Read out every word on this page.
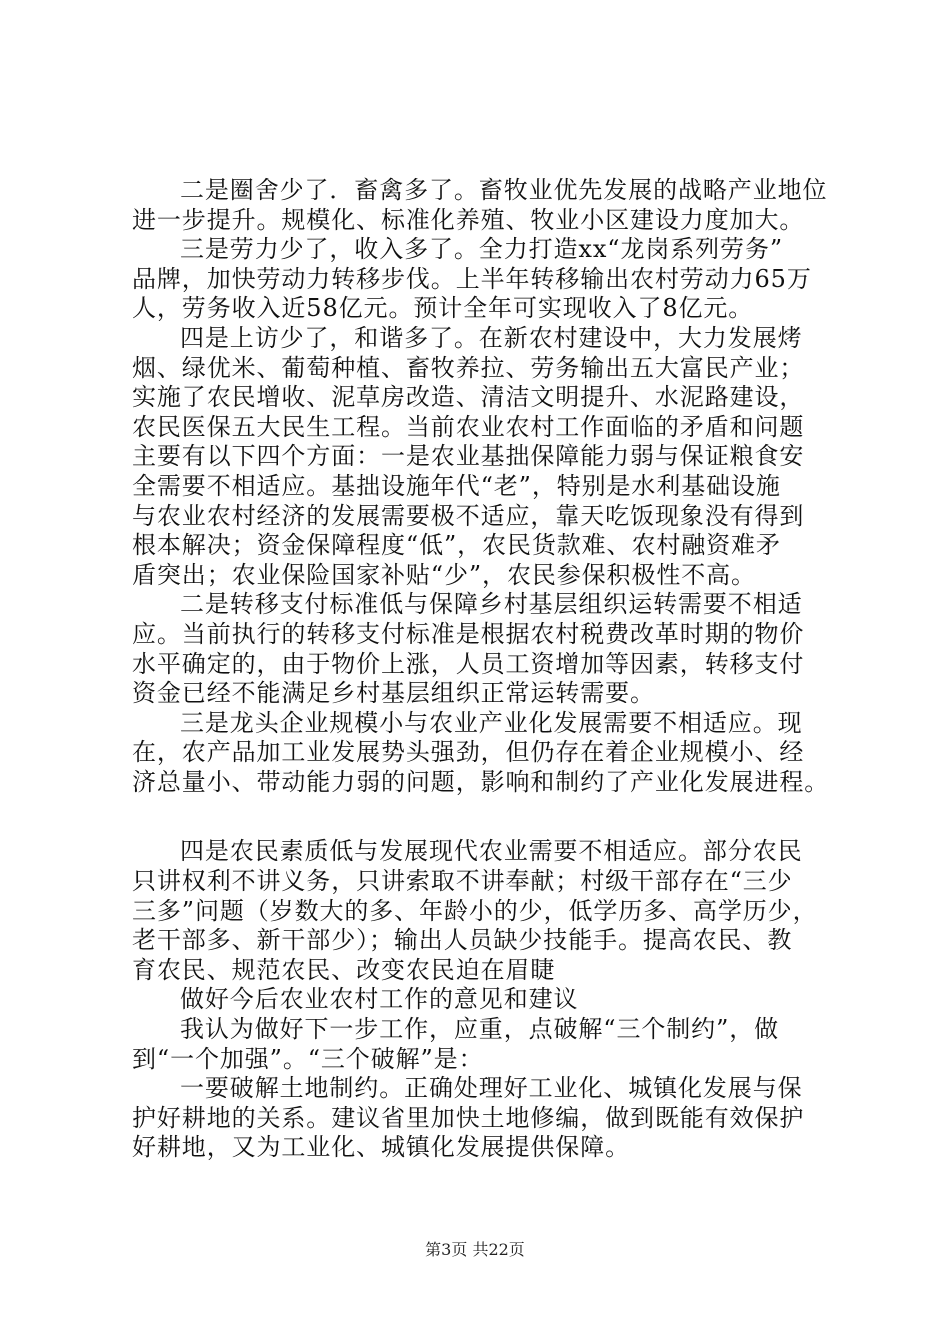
二是圈舍少了．畜禽多了。畜牧业优先发展的战略产业地位
进一步提升。规模化、标准化养殖、牧业小区建设力度加大。
三是劳力少了，收入多了。全力打造xx“龙岗系列劳务”
品牌，加快劳动力转移步伐。上半年转移输出农村劳动力65万
人，劳务收入近58亿元。预计全年可实现收入了8亿元。
四是上访少了，和谐多了。在新农村建设中，大力发展烤
烟、绿优米、葡萄种植、畜牧养拉、劳务输出五大富民产业；
实施了农民增收、泥草房改造、清洁文明提升、水泥路建设，
农民医保五大民生工程。当前农业农村工作面临的矛盾和问题
主要有以下四个方面：一是农业基拙保障能力弱与保证粮食安
全需要不相适应。基拙设施年代“老”，特别是水利基础设施
与农业农村经济的发展需要极不适应，靠天吃饭现象没有得到
根本解决；资金保障程度“低”，农民货款难、农村融资难矛
盾突出；农业保险国家补贴“少”，农民参保积极性不高。
二是转移支付标准低与保障乡村基层组织运转需要不相适
应。当前执行的转移支付标准是根据农村税费改革时期的物价
水平确定的，由于物价上涨，人员工资增加等因素，转移支付
资金已经不能满足乡村基层组织正常运转需要。
三是龙头企业规模小与农业产业化发展需要不相适应。现
在，农产品加工业发展势头强劲，但仍存在着企业规模小、经
济总量小、带动能力弱的问题，影响和制约了产业化发展进程。
四是农民素质低与发展现代农业需要不相适应。部分农民
只讲权利不讲义务，只讲索取不讲奉献；村级干部存在“三少
三多”问题（岁数大的多、年龄小的少，低学历多、高学历少，
老干部多、新干部少）；输出人员缺少技能手。提高农民、教
育农民、规范农民、改变农民迫在眉睫
做好今后农业农村工作的意见和建议
我认为做好下一步工作，应重，点破解“三个制约”，做
到“一个加强”。“三个破解”是：
一要破解土地制约。正确处理好工业化、城镇化发展与保
护好耕地的关系。建议省里加快土地修编，做到既能有效保护
好耕地，又为工业化、城镇化发展提供保障。
第3页 共22页
